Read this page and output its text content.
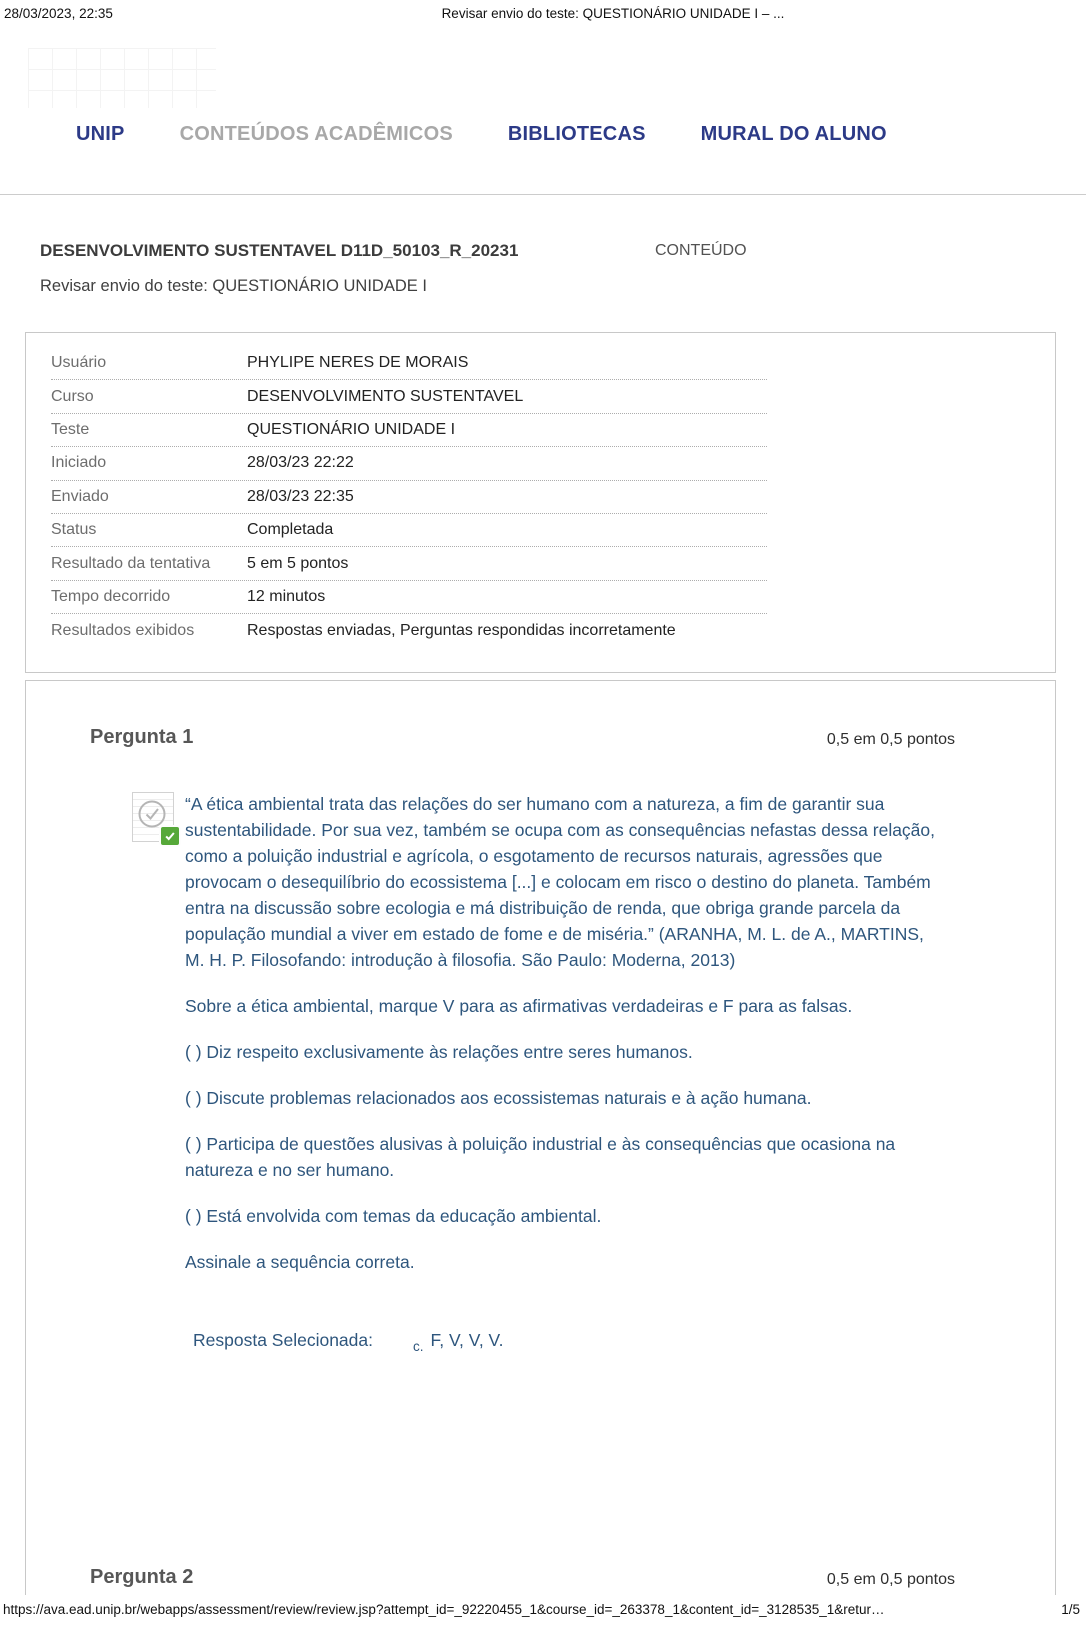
28/03/2023, 22:35	Revisar envio do teste: QUESTIONÁRIO UNIDADE I – ...
UNIP	CONTEÚDOS ACADÊMICOS	BIBLIOTECAS	MURAL DO ALUNO
DESENVOLVIMENTO SUSTENTAVEL D11D_50103_R_20231	CONTEÚDO
Revisar envio do teste: QUESTIONÁRIO UNIDADE I
Usuário	PHYLIPE NERES DE MORAIS
Curso	DESENVOLVIMENTO SUSTENTAVEL
Teste	QUESTIONÁRIO UNIDADE I
Iniciado	28/03/23 22:22
Enviado	28/03/23 22:35
Status	Completada
Resultado da tentativa	5 em 5 pontos
Tempo decorrido	12 minutos
Resultados exibidos	Respostas enviadas, Perguntas respondidas incorretamente
Pergunta 1	0,5 em 0,5 pontos

“A ética ambiental trata das relações do ser humano com a natureza, a fim de garantir sua sustentabilidade. Por sua vez, também se ocupa com as consequências nefastas dessa relação, como a poluição industrial e agrícola, o esgotamento de recursos naturais, agressões que provocam o desequilíbrio do ecossistema [...] e colocam em risco o destino do planeta. Também entra na discussão sobre ecologia e má distribuição de renda, que obriga grande parcela da população mundial a viver em estado de fome e de miséria.” (ARANHA, M. L. de A., MARTINS, M. H. P. Filosofando: introdução à filosofia. São Paulo: Moderna, 2013)

Sobre a ética ambiental, marque V para as afirmativas verdadeiras e F para as falsas.

( ) Diz respeito exclusivamente às relações entre seres humanos.

( ) Discute problemas relacionados aos ecossistemas naturais e à ação humana.

( ) Participa de questões alusivas à poluição industrial e às consequências que ocasiona na natureza e no ser humano.

( ) Está envolvida com temas da educação ambiental.

Assinale a sequência correta.

Resposta Selecionada:	c. F, V, V, V.
Pergunta 2	0,5 em 0,5 pontos
https://ava.ead.unip.br/webapps/assessment/review/review.jsp?attempt_id=_92220455_1&course_id=_263378_1&content_id=_3128535_1&retur…	1/5
